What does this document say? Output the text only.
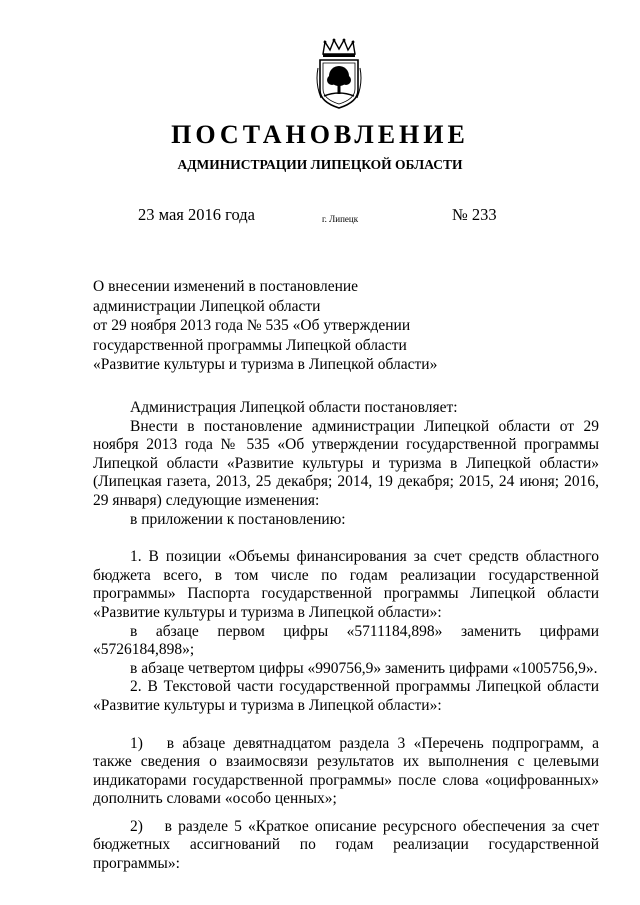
ПОСТАНОВЛЕНИЕ
АДМИНИСТРАЦИИ ЛИПЕЦКОЙ ОБЛАСТИ
23 мая 2016 года	г. Липецк	№ 233
О внесении изменений в постановление
администрации Липецкой области
от 29 ноября 2013 года № 535 «Об утверждении
государственной программы Липецкой области
«Развитие культуры и туризма в Липецкой области»

Администрация Липецкой области постановляет:

Внести в постановление администрации Липецкой области от 29 ноября 2013 года № 535 «Об утверждении государственной программы Липецкой области «Развитие культуры и туризма в Липецкой области» (Липецкая газета, 2013, 25 декабря; 2014, 19 декабря; 2015, 24 июня; 2016, 29 января) следующие изменения:

в приложении к постановлению:

1. В позиции «Объемы финансирования за счет средств областного бюджета всего, в том числе по годам реализации государственной программы» Паспорта государственной программы Липецкой области «Развитие культуры и туризма в Липецкой области»:

в абзаце первом цифры «5711184,898» заменить цифрами «5726184,898»;

в абзаце четвертом цифры «990756,9» заменить цифрами «1005756,9».

2. В Текстовой части государственной программы Липецкой области «Развитие культуры и туризма в Липецкой области»:

1)  в абзаце девятнадцатом раздела 3 «Перечень подпрограмм, а также сведения о взаимосвязи результатов их выполнения с целевыми индикаторами государственной программы» после слова «оцифрованных» дополнить словами «особо ценных»;

2)  в разделе 5 «Краткое описание ресурсного обеспечения за счет бюджетных ассигнований по годам реализации государственной программы»:
